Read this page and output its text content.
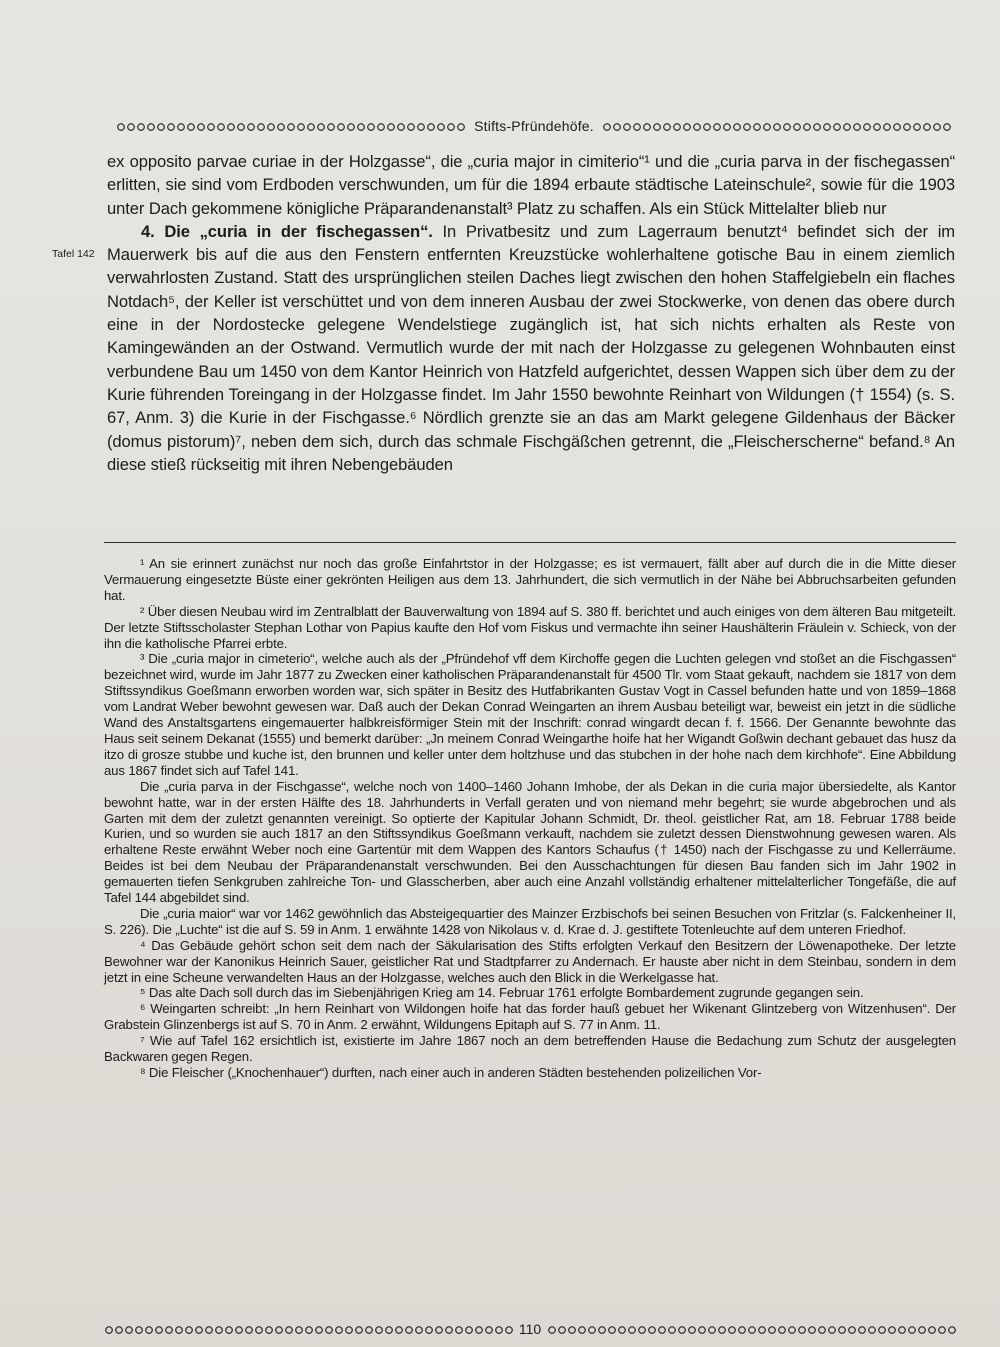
Stifts-Pfründehöfe.
Tafel 142

ex opposito parvae curiae in der Holzgasse“, die „curia major in cimiterio“¹ und die „curia parva in der fischegassen“ erlitten, sie sind vom Erdboden verschwunden, um für die 1894 erbaute städtische Lateinschule², sowie für die 1903 unter Dach gekommene königliche Präparandenanstalt³ Platz zu schaffen. Als ein Stück Mittelalter blieb nur

4. Die „curia in der fischegassen“. In Privatbesitz und zum Lagerraum benutzt⁴ befindet sich der im Mauerwerk bis auf die aus den Fenstern entfernten Kreuzstücke wohlerhaltene gotische Bau in einem ziemlich verwahrlosten Zustand. Statt des ursprünglichen steilen Daches liegt zwischen den hohen Staffelgiebeln ein flaches Notdach⁵, der Keller ist verschüttet und von dem inneren Ausbau der zwei Stockwerke, von denen das obere durch eine in der Nordostecke gelegene Wendelstiege zugänglich ist, hat sich nichts erhalten als Reste von Kamingewänden an der Ostwand. Vermutlich wurde der mit nach der Holzgasse zu gelegenen Wohnbauten einst verbundene Bau um 1450 von dem Kantor Heinrich von Hatzfeld aufgerichtet, dessen Wappen sich über dem zu der Kurie führenden Toreingang in der Holzgasse findet. Im Jahr 1550 bewohnte Reinhart von Wildungen († 1554) (s. S. 67, Anm. 3) die Kurie in der Fischgasse.⁶ Nördlich grenzte sie an das am Markt gelegene Gildenhaus der Bäcker (domus pistorum)⁷, neben dem sich, durch das schmale Fischgäßchen getrennt, die „Fleischerscherne“ befand.⁸ An diese stieß rückseitig mit ihren Nebengebäuden

¹ An sie erinnert zunächst nur noch das große Einfahrtstor in der Holzgasse; es ist vermauert, fällt aber auf durch die in die Mitte dieser Vermauerung eingesetzte Büste einer gekrönten Heiligen aus dem 13. Jahrhundert, die sich vermutlich in der Nähe bei Abbruchsarbeiten gefunden hat.

² Über diesen Neubau wird im Zentralblatt der Bauverwaltung von 1894 auf S. 380 ff. berichtet und auch einiges von dem älteren Bau mitgeteilt. Der letzte Stiftsscholaster Stephan Lothar von Papius kaufte den Hof vom Fiskus und vermachte ihn seiner Haushälterin Fräulein v. Schieck, von der ihn die katholische Pfarrei erbte.

³ Die „curia major in cimeterio“, welche auch als der „Pfründehof vff dem Kirchoffe gegen die Luchten gelegen vnd stoßet an die Fischgassen“ bezeichnet wird, wurde im Jahr 1877 zu Zwecken einer katholischen Präparandenanstalt für 4500 Tlr. vom Staat gekauft, nachdem sie 1817 von dem Stiftssyndikus Goeßmann erworben worden war, sich später in Besitz des Hutfabrikanten Gustav Vogt in Cassel befunden hatte und von 1859–1868 vom Landrat Weber bewohnt gewesen war. Daß auch der Dekan Conrad Weingarten an ihrem Ausbau beteiligt war, beweist ein jetzt in die südliche Wand des Anstaltsgartens eingemauerter halbkreisförmiger Stein mit der Inschrift: conrad wingardt decan f. f. 1566. Der Genannte bewohnte das Haus seit seinem Dekanat (1555) und bemerkt darüber: „Jn meinem Conrad Weingarthe hoife hat her Wigandt Goßwin dechant gebauet das husz da itzo di grosze stubbe und kuche ist, den brunnen und keller unter dem holtzhuse und das stubchen in der hohe nach dem kirchhofe“. Eine Abbildung aus 1867 findet sich auf Tafel 141.

Die „curia parva in der Fischgasse“, welche noch von 1400–1460 Johann Imhobe, der als Dekan in die curia major übersiedelte, als Kantor bewohnt hatte, war in der ersten Hälfte des 18. Jahrhunderts in Verfall geraten und von niemand mehr begehrt; sie wurde abgebrochen und als Garten mit dem der zuletzt genannten vereinigt. So optierte der Kapitular Johann Schmidt, Dr. theol. geistlicher Rat, am 18. Februar 1788 beide Kurien, und so wurden sie auch 1817 an den Stiftssyndikus Goeßmann verkauft, nachdem sie zuletzt dessen Dienstwohnung gewesen waren. Als erhaltene Reste erwähnt Weber noch eine Gartentür mit dem Wappen des Kantors Schaufus († 1450) nach der Fischgasse zu und Kellerräume. Beides ist bei dem Neubau der Präparandenanstalt verschwunden. Bei den Ausschachtungen für diesen Bau fanden sich im Jahr 1902 in gemauerten tiefen Senkgruben zahlreiche Ton- und Glasscherben, aber auch eine Anzahl vollständig erhaltener mittelalterlicher Tongefäße, die auf Tafel 144 abgebildet sind.

Die „curia maior“ war vor 1462 gewöhnlich das Absteigequartier des Mainzer Erzbischofs bei seinen Besuchen von Fritzlar (s. Falckenheiner II, S. 226). Die „Luchte“ ist die auf S. 59 in Anm. 1 erwähnte 1428 von Nikolaus v. d. Krae d. J. gestiftete Totenleuchte auf dem unteren Friedhof.

⁴ Das Gebäude gehört schon seit dem nach der Säkularisation des Stifts erfolgten Verkauf den Besitzern der Löwenapotheke. Der letzte Bewohner war der Kanonikus Heinrich Sauer, geistlicher Rat und Stadtpfarrer zu Andernach. Er hauste aber nicht in dem Steinbau, sondern in dem jetzt in eine Scheune verwandelten Haus an der Holzgasse, welches auch den Blick in die Werkelgasse hat.

⁵ Das alte Dach soll durch das im Siebenjährigen Krieg am 14. Februar 1761 erfolgte Bombardement zugrunde gegangen sein.

⁶ Weingarten schreibt: „In hern Reinhart von Wildongen hoife hat das forder hauß gebuet her Wikenant Glintzeberg von Witzenhusen“. Der Grabstein Glinzenbergs ist auf S. 70 in Anm. 2 erwähnt, Wildungens Epitaph auf S. 77 in Anm. 11.

⁷ Wie auf Tafel 162 ersichtlich ist, existierte im Jahre 1867 noch an dem betreffenden Hause die Bedachung zum Schutz der ausgelegten Backwaren gegen Regen.

⁸ Die Fleischer („Knochenhauer“) durften, nach einer auch in anderen Städten bestehenden polizeilichen Vor-

110
